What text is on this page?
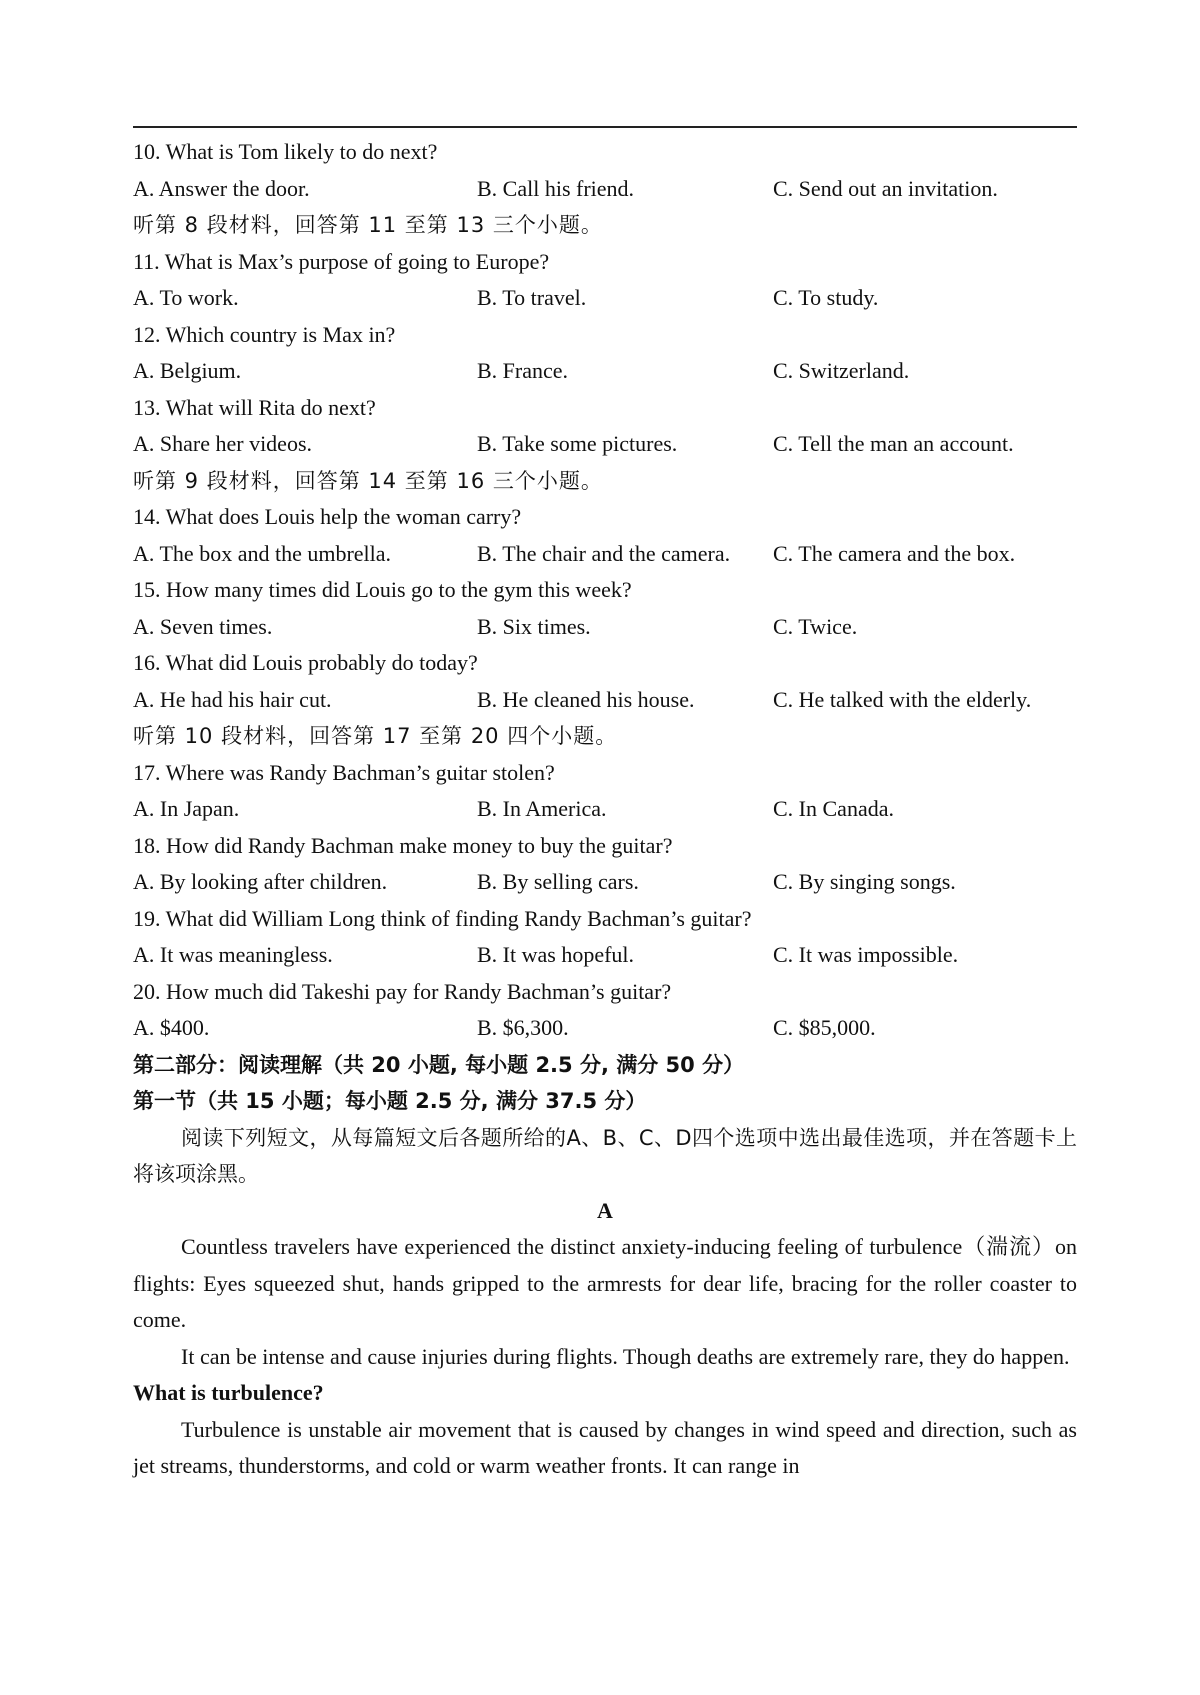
10. What is Tom likely to do next?
A. Answer the door.	B. Call his friend.	C. Send out an invitation.
听第 8 段材料，回答第 11 至第 13 三个小题。
11. What is Max’s purpose of going to Europe?
A. To work.	B. To travel.	C. To study.
12. Which country is Max in?
A. Belgium.	B. France.	C. Switzerland.
13. What will Rita do next?
A. Share her videos.	B. Take some pictures.	C. Tell the man an account.
听第 9 段材料，回答第 14 至第 16 三个小题。
14. What does Louis help the woman carry?
A. The box and the umbrella.	B. The chair and the camera. C. The camera and the box.
15. How many times did Louis go to the gym this week?
A. Seven times.	B. Six times.	C. Twice.
16. What did Louis probably do today?
A. He had his hair cut.	B. He cleaned his house.	C. He talked with the elderly.
听第 10 段材料，回答第 17 至第 20 四个小题。
17. Where was Randy Bachman’s guitar stolen?
A. In Japan.	B. In America.	C. In Canada.
18. How did Randy Bachman make money to buy the guitar?
A. By looking after children.	B. By selling cars.	C. By singing songs.
19. What did William Long think of finding Randy Bachman’s guitar?
A. It was meaningless.	B. It was hopeful.	C. It was impossible.
20. How much did Takeshi pay for Randy Bachman’s guitar?
A. $400.	B. $6,300.	C. $85,000.
第二部分：阅读理解（共 20 小题, 每小题 2.5 分, 满分 50 分）
第一节（共 15 小题；每小题 2.5 分, 满分 37.5 分）

阅读下列短文，从每篇短文后各题所给的A、B、C、D四个选项中选出最佳选项，并在答题卡上将该项涂黑。

A

Countless travelers have experienced the distinct anxiety-inducing feeling of turbulence（湍流）on flights: Eyes squeezed shut, hands gripped to the armrests for dear life, bracing for the roller coaster to come.

It can be intense and cause injuries during flights. Though deaths are extremely rare, they do happen.

What is turbulence?

Turbulence is unstable air movement that is caused by changes in wind speed and direction, such as jet streams, thunderstorms, and cold or warm weather fronts. It can range in
